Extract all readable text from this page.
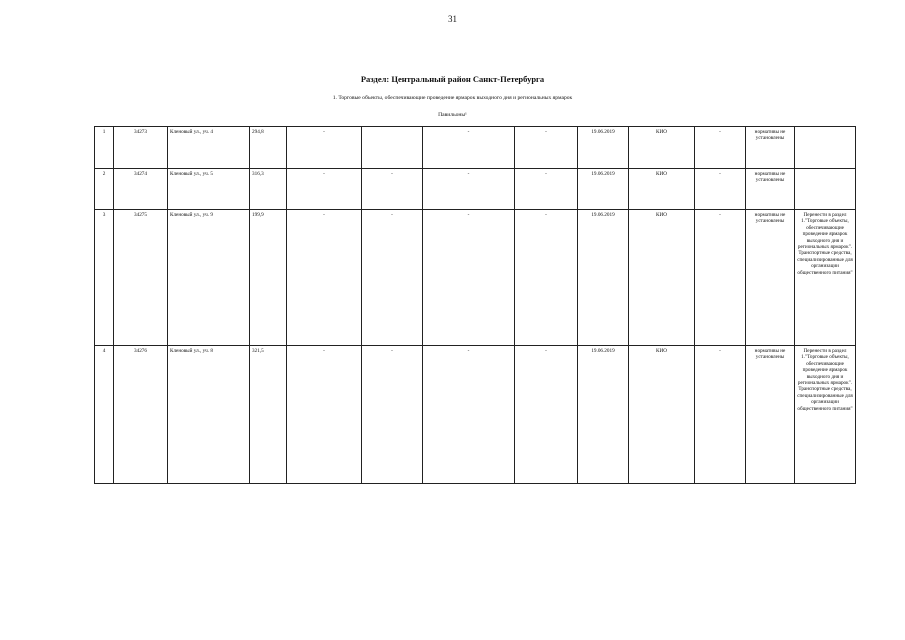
31
Раздел: Центральный район Санкт-Петербурга
1. Торговые объекты, обеспечивающие проведение ярмарок выходного дня и региональных ярмарок
Павильоны¹
1	34273	Кленовый ул., уч. 4	294,8	-		-	-	19.06.2019	КИО	-	нормативы не установлены	
2	34274	Кленовый ул., уч. 5	316,3	-	-	-	-	19.06.2019	КИО	-	нормативы не установлены	
3	34275	Кленовый ул., уч. 9	199,9	-	-	-	-	19.06.2019	КИО	-	нормативы не установлены	Перенести в раздел 1."Торговые объекты, обеспечивающие проведение ярмарок выходного дня и региональных ярмарок". Транспортные средства, специализированные для организации общественного питания"
4	34276	Кленовый ул., уч. 8	321,5	-	-	-	-	19.06.2019	КИО	-	нормативы не установлены	Перенести в раздел 1."Торговые объекты, обеспечивающие проведение ярмарок выходного дня и региональных ярмарок". Транспортные средства, специализированные для организации общественного питания"
